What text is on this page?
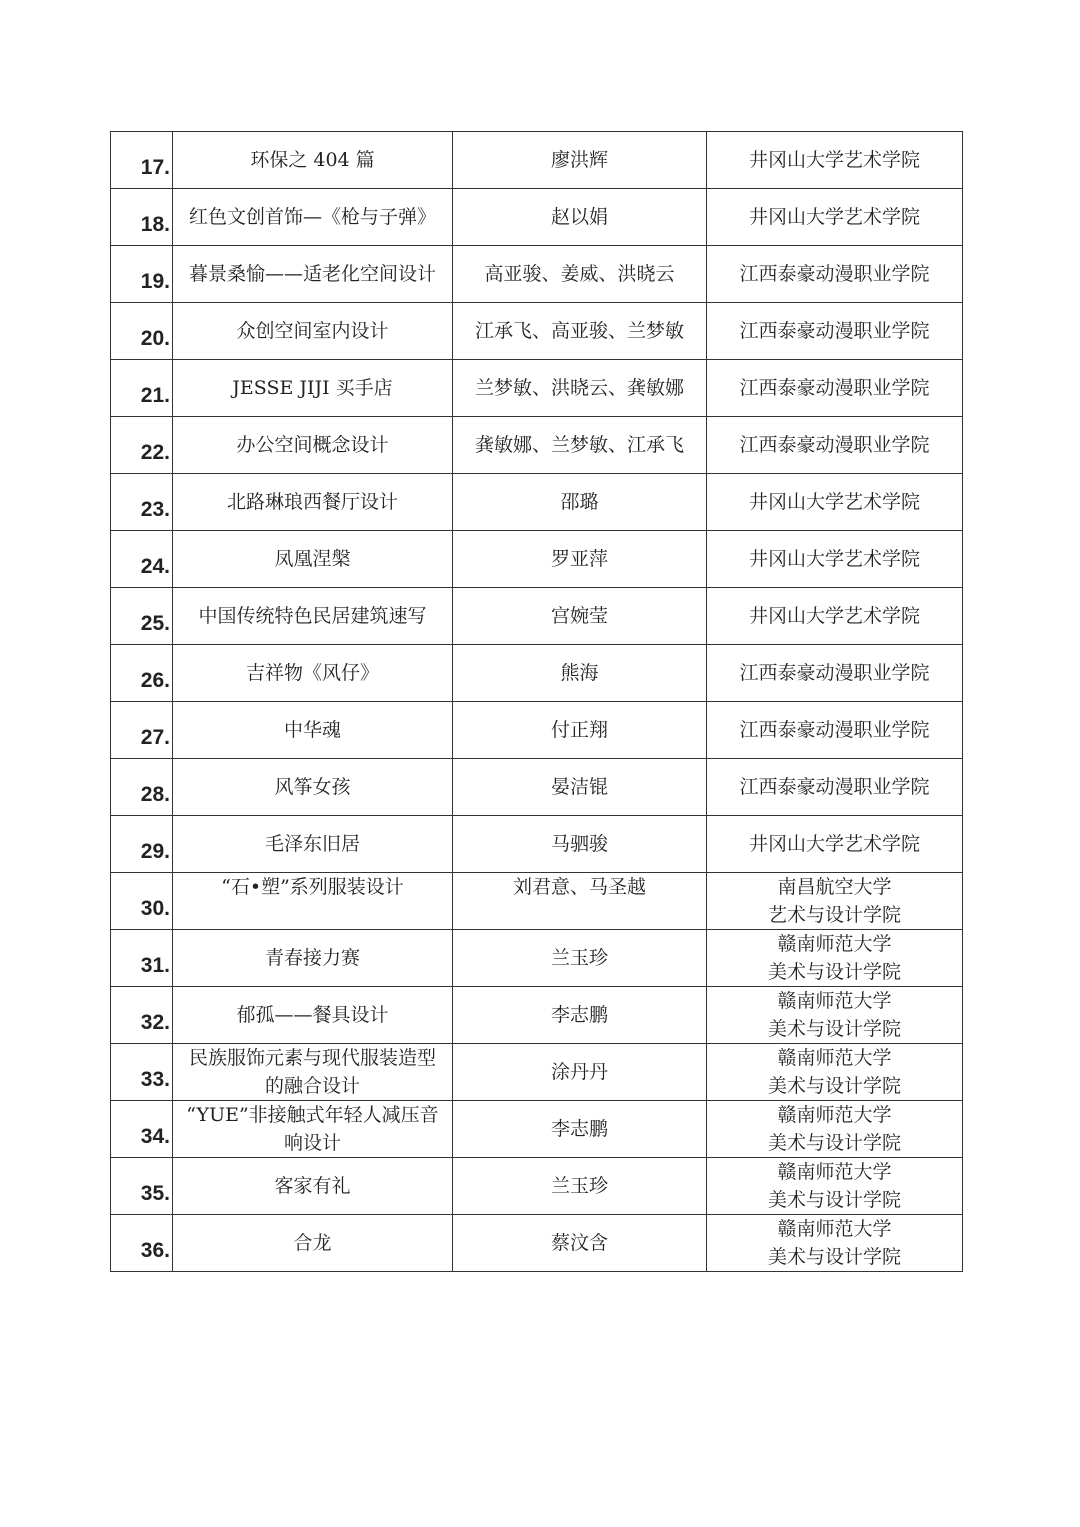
17.	环保之 404 篇	廖洪辉	井冈山大学艺术学院
18.	红色文创首饰—《枪与子弹》	赵以娟	井冈山大学艺术学院
19.	暮景桑愉——适老化空间设计	高亚骏、姜威、洪晓云	江西泰豪动漫职业学院
20.	众创空间室内设计	江承飞、高亚骏、兰梦敏	江西泰豪动漫职业学院
21.	JESSE JIJI 买手店	兰梦敏、洪晓云、龚敏娜	江西泰豪动漫职业学院
22.	办公空间概念设计	龚敏娜、兰梦敏、江承飞	江西泰豪动漫职业学院
23.	北路琳琅西餐厅设计	邵璐	井冈山大学艺术学院
24.	凤凰涅槃	罗亚萍	井冈山大学艺术学院
25.	中国传统特色民居建筑速写	宫婉莹	井冈山大学艺术学院
26.	吉祥物《风仔》	熊海	江西泰豪动漫职业学院
27.	中华魂	付正翔	江西泰豪动漫职业学院
28.	风筝女孩	晏洁锟	江西泰豪动漫职业学院
29.	毛泽东旧居	马驷骏	井冈山大学艺术学院
30.	“石•塑”系列服装设计	刘君意、马圣越	南昌航空大学
艺术与设计学院
31.	青春接力赛	兰玉珍	赣南师范大学
美术与设计学院
32.	郁孤——餐具设计	李志鹏	赣南师范大学
美术与设计学院
33.	民族服饰元素与现代服装造型
的融合设计	涂丹丹	赣南师范大学
美术与设计学院
34.	“YUE”非接触式年轻人减压音
响设计	李志鹏	赣南师范大学
美术与设计学院
35.	客家有礼	兰玉珍	赣南师范大学
美术与设计学院
36.	合龙	蔡汶含	赣南师范大学
美术与设计学院
